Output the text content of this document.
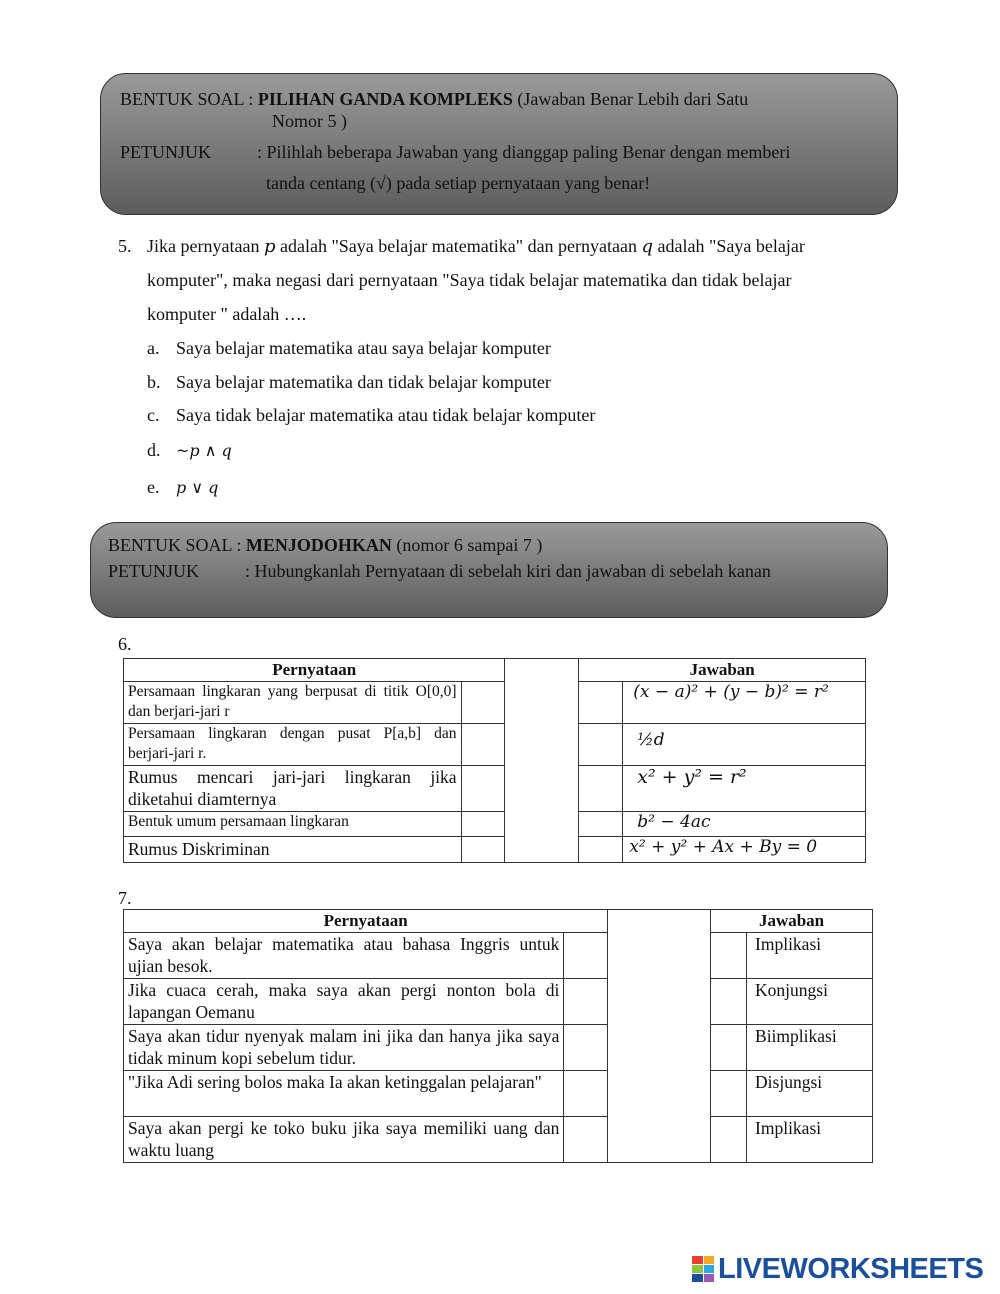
BENTUK SOAL : PILIHAN GANDA KOMPLEKS (Jawaban Benar Lebih dari Satu
Nomor 5 )
PETUNJUK	: Pilihlah beberapa Jawaban yang dianggap paling Benar dengan memberi
tanda centang (√) pada setiap pernyataan yang benar!
5. Jika pernyataan p adalah "Saya belajar matematika" dan pernyataan q adalah "Saya belajar
komputer", maka negasi dari pernyataan "Saya tidak belajar matematika dan tidak belajar
komputer " adalah ….
a. Saya belajar matematika atau saya belajar komputer
b. Saya belajar matematika dan tidak belajar komputer
c. Saya tidak belajar matematika atau tidak belajar komputer
d. ~p ∧ q
e. p ∨ q
BENTUK SOAL : MENJODOHKAN (nomor 6 sampai 7 )
PETUNJUK	: Hubungkanlah Pernyataan di sebelah kiri dan jawaban di sebelah kanan
6.
Pernyataan			Jawaban	
Persamaan lingkaran yang berpusat di titik O[0,0] dan berjari-jari r				(x − a)² + (y − b)² = r²
Persamaan lingkaran dengan pusat P[a,b] dan berjari-jari r.				½d
Rumus mencari jari-jari lingkaran jika diketahui diamternya				x² + y² = r²
Bentuk umum persamaan lingkaran				b² − 4ac
Rumus Diskriminan				x² + y² + Ax + By = 0
7.
Pernyataan			Jawaban	
Saya akan belajar matematika atau bahasa Inggris untuk ujian besok.				Implikasi
Jika cuaca cerah, maka saya akan pergi nonton bola di lapangan Oemanu				Konjungsi
Saya akan tidur nyenyak malam ini jika dan hanya jika saya tidak minum kopi sebelum tidur.				Biimplikasi
"Jika Adi sering bolos maka Ia akan ketinggalan pelajaran"				Disjungsi
Saya akan pergi ke toko buku jika saya memiliki uang dan waktu luang				Implikasi
LIVEWORKSHEETS
